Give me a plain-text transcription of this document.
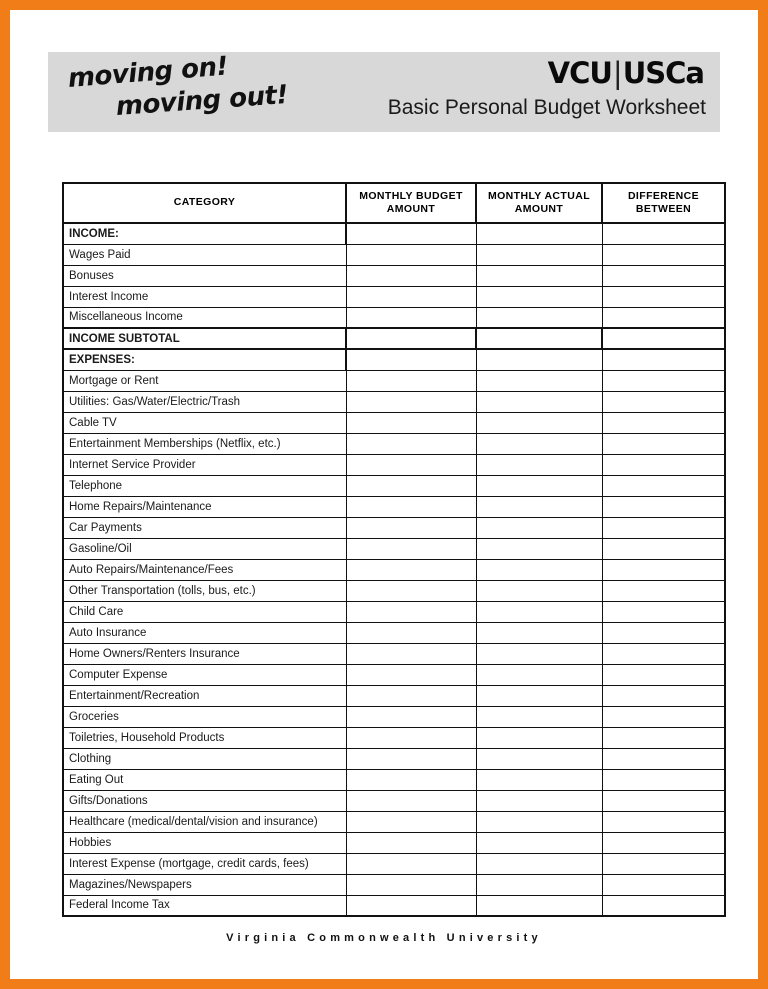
moving on!
moving out!
VCU|USCa
Basic Personal Budget Worksheet
CATEGORY	MONTHLY BUDGET AMOUNT	MONTHLY ACTUAL AMOUNT	DIFFERENCE BETWEEN
INCOME:			
Wages Paid			
Bonuses			
Interest Income			
Miscellaneous Income			
INCOME SUBTOTAL			
EXPENSES:			
Mortgage or Rent			
Utilities: Gas/Water/Electric/Trash			
Cable TV			
Entertainment Memberships (Netflix, etc.)			
Internet Service Provider			
Telephone			
Home Repairs/Maintenance			
Car Payments			
Gasoline/Oil			
Auto Repairs/Maintenance/Fees			
Other Transportation (tolls, bus, etc.)			
Child Care			
Auto Insurance			
Home Owners/Renters Insurance			
Computer Expense			
Entertainment/Recreation			
Groceries			
Toiletries, Household Products			
Clothing			
Eating Out			
Gifts/Donations			
Healthcare (medical/dental/vision and insurance)			
Hobbies			
Interest Expense (mortgage, credit cards, fees)			
Magazines/Newspapers			
Federal Income Tax			
Virginia Commonwealth University
